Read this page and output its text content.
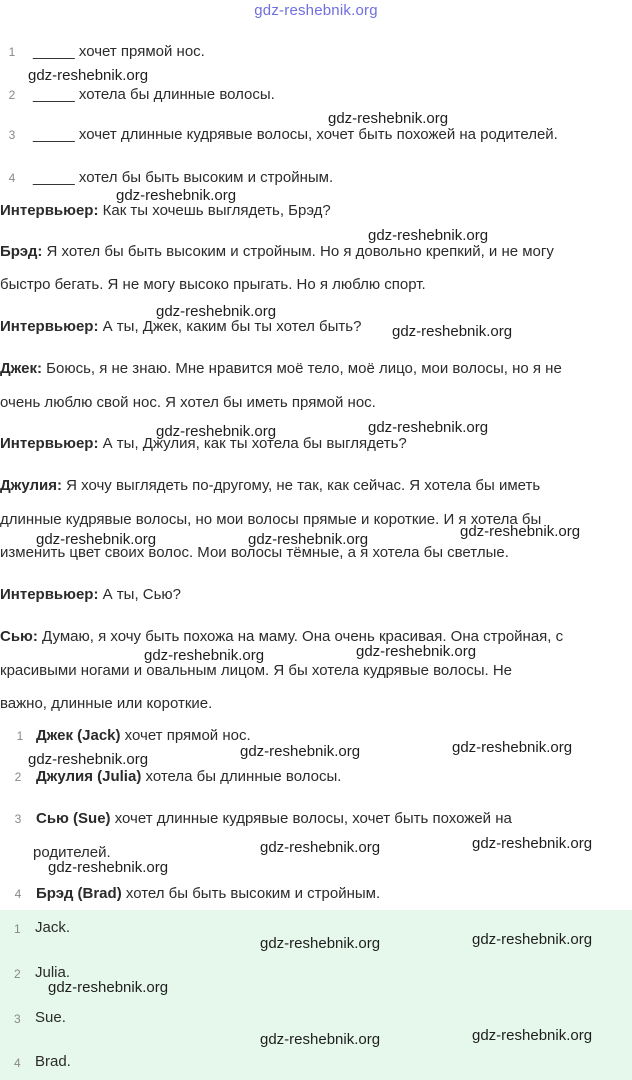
gdz-reshebnik.org
1	_____ хочет прямой нос.
2	_____ хотела бы длинные волосы.
3	_____ хочет длинные кудрявые волосы, хочет быть похожей на родителей.
4	_____ хотел бы быть высоким и стройным.
Интервьюер: Как ты хочешь выглядеть, Брэд?
Брэд: Я хотел бы быть высоким и стройным. Но я довольно крепкий, и не могу
быстро бегать. Я не могу высоко прыгать. Но я люблю спорт.
Интервьюер: А ты, Джек, каким бы ты хотел быть?
Джек: Боюсь, я не знаю. Мне нравится моё тело, моё лицо, мои волосы, но я не
очень люблю свой нос. Я хотел бы иметь прямой нос.
Интервьюер: А ты, Джулия, как ты хотела бы выглядеть?
Джулия: Я хочу выглядеть по-другому, не так, как сейчас. Я хотела бы иметь
длинные кудрявые волосы, но мои волосы прямые и короткие. И я хотела бы
изменить цвет своих волос. Мои волосы тёмные, а я хотела бы светлые.
Интервьюер: А ты, Сью?
Сью: Думаю, я хочу быть похожа на маму. Она очень красивая. Она стройная, с
красивыми ногами и овальным лицом. Я бы хотела кудрявые волосы. Не
важно, длинные или короткие.
1 Джек (Jack) хочет прямой нос.
2 Джулия (Julia) хотела бы длинные волосы.
3 Сью (Sue) хочет длинные кудрявые волосы, хочет быть похожей на
родителей.
4 Брэд (Brad) хотел бы быть высоким и стройным.
1 Jack.
2 Julia.
3 Sue.
4 Brad.
gdz-reshebnik.org
gdz-reshebnik.org
gdz-reshebnik.org
gdz-reshebnik.org
gdz-reshebnik.org
gdz-reshebnik.org
gdz-reshebnik.org	gdz-reshebnik.org
gdz-reshebnik.org	gdz-reshebnik.org	gdz-reshebnik.org
gdz-reshebnik.org	gdz-reshebnik.org
gdz-reshebnik.org	gdz-reshebnik.org
gdz-reshebnik.org
gdz-reshebnik.org	gdz-reshebnik.org
gdz-reshebnik.org
gdz-reshebnik.org	gdz-reshebnik.org
gdz-reshebnik.org
gdz-reshebnik.org	gdz-reshebnik.org
